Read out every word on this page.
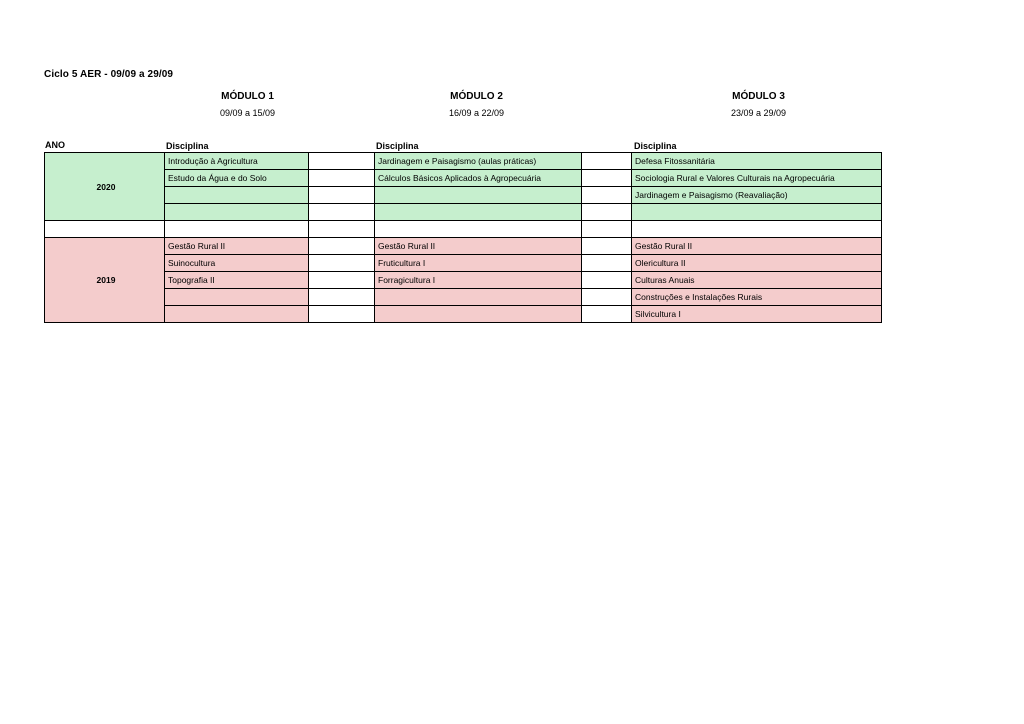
Ciclo 5 AER - 09/09 a 29/09
MÓDULO 1
09/09 a 15/09
MÓDULO 2
16/09 a 22/09
MÓDULO 3
23/09 a 29/09
ANO	Disciplina	Disciplina	Disciplina
2020	Introdução à Agricultura		Jardinagem e Paisagismo (aulas práticas)		Defesa Fitossanitária
	Estudo da Água e do Solo		Cálculos Básicos Aplicados à Agropecuária		Sociologia Rural e Valores Culturais na Agropecuária
					Jardinagem e Paisagismo (Reavaliação)

2019	Gestão Rural II		Gestão Rural II		Gestão Rural II
	Suinocultura		Fruticultura I		Olericultura II
	Topografia II		Forragicultura I		Culturas Anuais
					Construções e Instalações Rurais
					Silvicultura I
